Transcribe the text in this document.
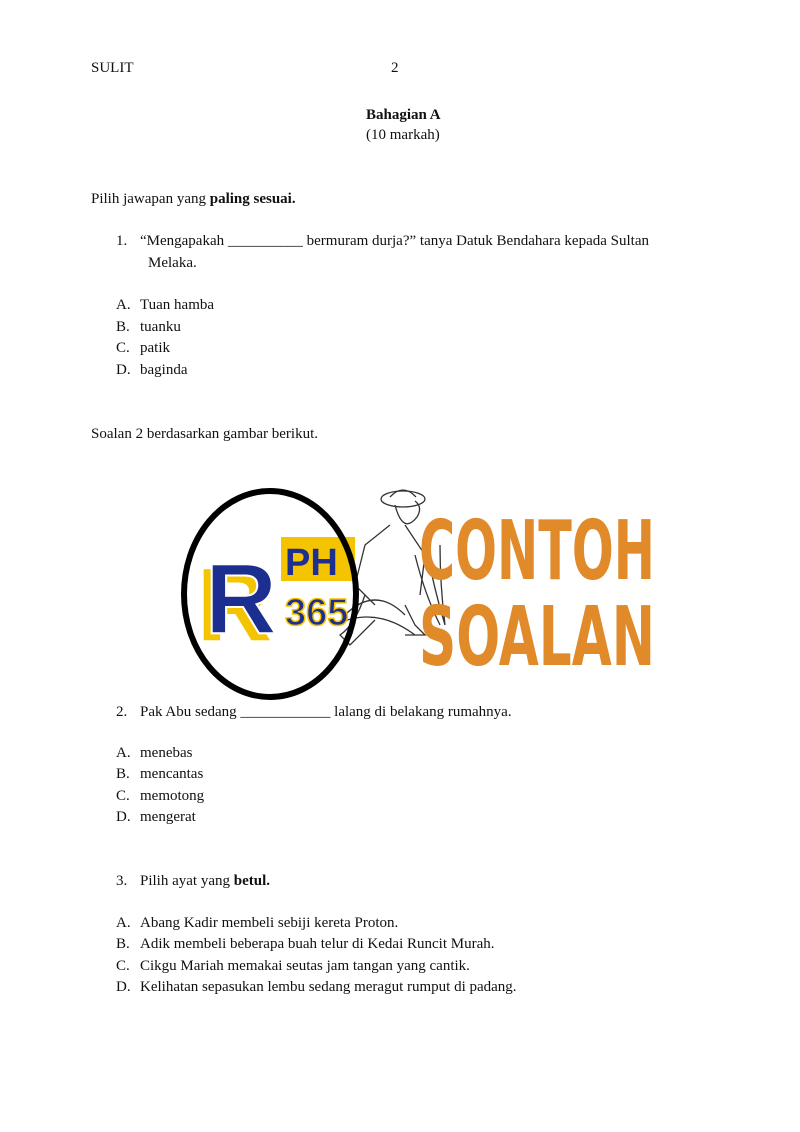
SULIT	2
Bahagian A
(10 markah)
Pilih jawapan yang paling sesuai.
1. “Mengapakah __________ bermuram durja?” tanya Datuk Bendahara kepada Sultan
Melaka.
A. Tuan hamba
B. tuanku
C. patik
D. baginda
Soalan 2 berdasarkan gambar berikut.
R PH
365
CONTOH
SOALAN
2. Pak Abu sedang ____________ lalang di belakang rumahnya.
A. menebas
B. mencantas
C. memotong
D. mengerat
3. Pilih ayat yang betul.
A. Abang Kadir membeli sebiji kereta Proton.
B. Adik membeli beberapa buah telur di Kedai Runcit Murah.
C. Cikgu Mariah memakai seutas jam tangan yang cantik.
D. Kelihatan sepasukan lembu sedang meragut rumput di padang.
